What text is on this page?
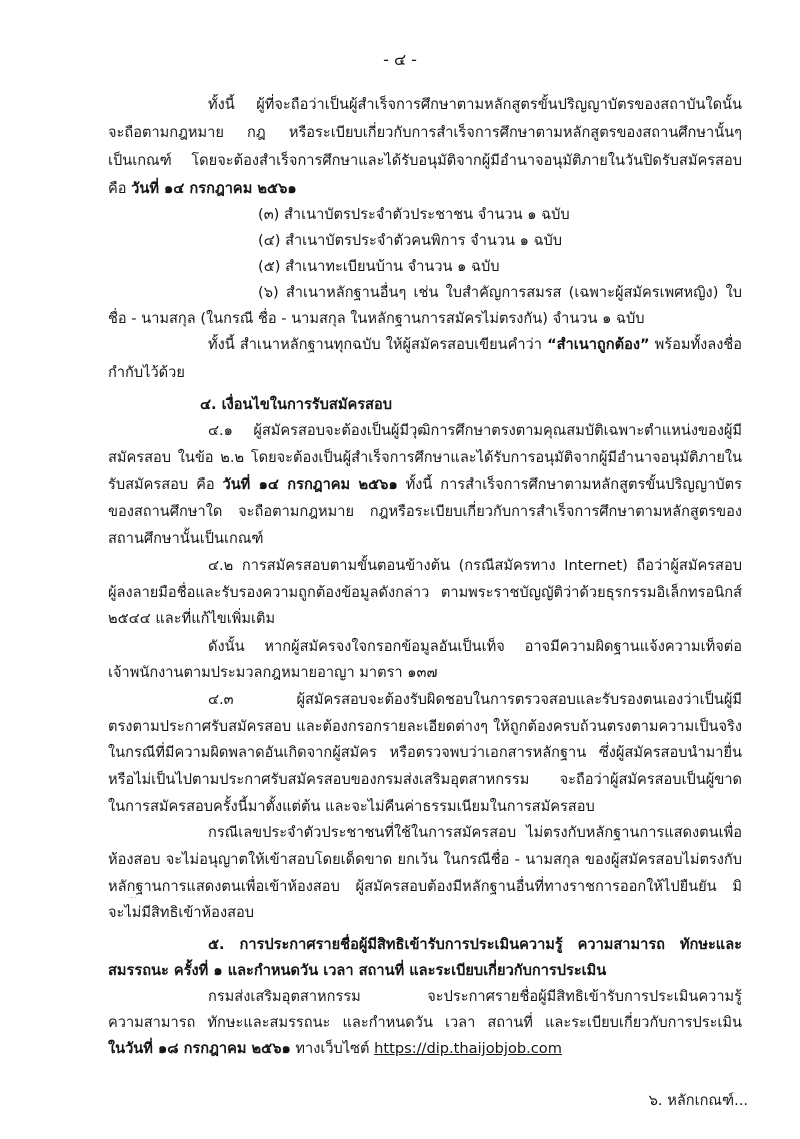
- ๔ -
ทั้งนี้ ผู้ที่จะถือว่าเป็นผู้สำเร็จการศึกษาตามหลักสูตรขั้นปริญญาบัตรของสถาบันใดนั้น
จะถือตามกฎหมาย กฎ หรือระเบียบเกี่ยวกับการสำเร็จการศึกษาตามหลักสูตรของสถานศึกษานั้นๆ
เป็นเกณฑ์ โดยจะต้องสำเร็จการศึกษาและได้รับอนุมัติจากผู้มีอำนาจอนุมัติภายในวันปิดรับสมัครสอบ
คือ วันที่ ๑๔ กรกฎาคม ๒๕๖๑
(๓) สำเนาบัตรประจำตัวประชาชน จำนวน ๑ ฉบับ
(๔) สำเนาบัตรประจำตัวคนพิการ จำนวน ๑ ฉบับ
(๕) สำเนาทะเบียนบ้าน จำนวน ๑ ฉบับ
(๖) สำเนาหลักฐานอื่นๆ เช่น ใบสำคัญการสมรส (เฉพาะผู้สมัครเพศหญิง) ใบ
ชื่อ - นามสกุล (ในกรณี ชื่อ - นามสกุล ในหลักฐานการสมัครไม่ตรงกัน) จำนวน ๑ ฉบับ
ทั้งนี้ สำเนาหลักฐานทุกฉบับ ให้ผู้สมัครสอบเขียนคำว่า “สำเนาถูกต้อง” พร้อมทั้งลงชื่อ
กำกับไว้ด้วย
๔. เงื่อนไขในการรับสมัครสอบ
๔.๑ ผู้สมัครสอบจะต้องเป็นผู้มีวุฒิการศึกษาตรงตามคุณสมบัติเฉพาะตำแหน่งของผู้มี
สมัครสอบ ในข้อ ๒.๒ โดยจะต้องเป็นผู้สำเร็จการศึกษาและได้รับการอนุมัติจากผู้มีอำนาจอนุมัติภายใน
รับสมัครสอบ คือ วันที่ ๑๔ กรกฎาคม ๒๕๖๑ ทั้งนี้ การสำเร็จการศึกษาตามหลักสูตรขั้นปริญญาบัตร
ของสถานศึกษาใด จะถือตามกฎหมาย กฎหรือระเบียบเกี่ยวกับการสำเร็จการศึกษาตามหลักสูตรของ
สถานศึกษานั้นเป็นเกณฑ์
๔.๒ การสมัครสอบตามขั้นตอนข้างต้น (กรณีสมัครทาง Internet) ถือว่าผู้สมัครสอบ
ผู้ลงลายมือชื่อและรับรองความถูกต้องข้อมูลดังกล่าว ตามพระราชบัญญัติว่าด้วยธุรกรรมอิเล็กทรอนิกส์
๒๕๔๔ และที่แก้ไขเพิ่มเติม
ดังนั้น หากผู้สมัครจงใจกรอกข้อมูลอันเป็นเท็จ อาจมีความผิดฐานแจ้งความเท็จต่อ
เจ้าพนักงานตามประมวลกฎหมายอาญา มาตรา ๑๓๗
๔.๓ ผู้สมัครสอบจะต้องรับผิดชอบในการตรวจสอบและรับรองตนเองว่าเป็นผู้มี
ตรงตามประกาศรับสมัครสอบ และต้องกรอกรายละเอียดต่างๆ ให้ถูกต้องครบถ้วนตรงตามความเป็นจริง
ในกรณีที่มีความผิดพลาดอันเกิดจากผู้สมัคร หรือตรวจพบว่าเอกสารหลักฐาน ซึ่งผู้สมัครสอบนำมายื่น
หรือไม่เป็นไปตามประกาศรับสมัครสอบของกรมส่งเสริมอุตสาหกรรม จะถือว่าผู้สมัครสอบเป็นผู้ขาด
ในการสมัครสอบครั้งนี้มาตั้งแต่ต้น และจะไม่คืนค่าธรรมเนียมในการสมัครสอบ
กรณีเลขประจำตัวประชาชนที่ใช้ในการสมัครสอบ ไม่ตรงกับหลักฐานการแสดงตนเพื่อ
ห้องสอบ จะไม่อนุญาตให้เข้าสอบโดยเด็ดขาด ยกเว้น ในกรณีชื่อ - นามสกุล ของผู้สมัครสอบไม่ตรงกับ
หลักฐานการแสดงตนเพื่อเข้าห้องสอบ ผู้สมัครสอบต้องมีหลักฐานอื่นที่ทางราชการออกให้ไปยืนยัน มิ
จะไม่มีสิทธิเข้าห้องสอบ
๕. การประกาศรายชื่อผู้มีสิทธิเข้ารับการประเมินความรู้ ความสามารถ ทักษะและ
สมรรถนะ ครั้งที่ ๑ และกำหนดวัน เวลา สถานที่ และระเบียบเกี่ยวกับการประเมิน
กรมส่งเสริมอุตสาหกรรม จะประกาศรายชื่อผู้มีสิทธิเข้ารับการประเมินความรู้
ความสามารถ ทักษะและสมรรถนะ และกำหนดวัน เวลา สถานที่ และระเบียบเกี่ยวกับการประเมิน
ในวันที่ ๑๘ กรกฎาคม ๒๕๖๑ ทางเว็บไซต์ https://dip.thaijobjob.com
๖. หลักเกณฑ์...
